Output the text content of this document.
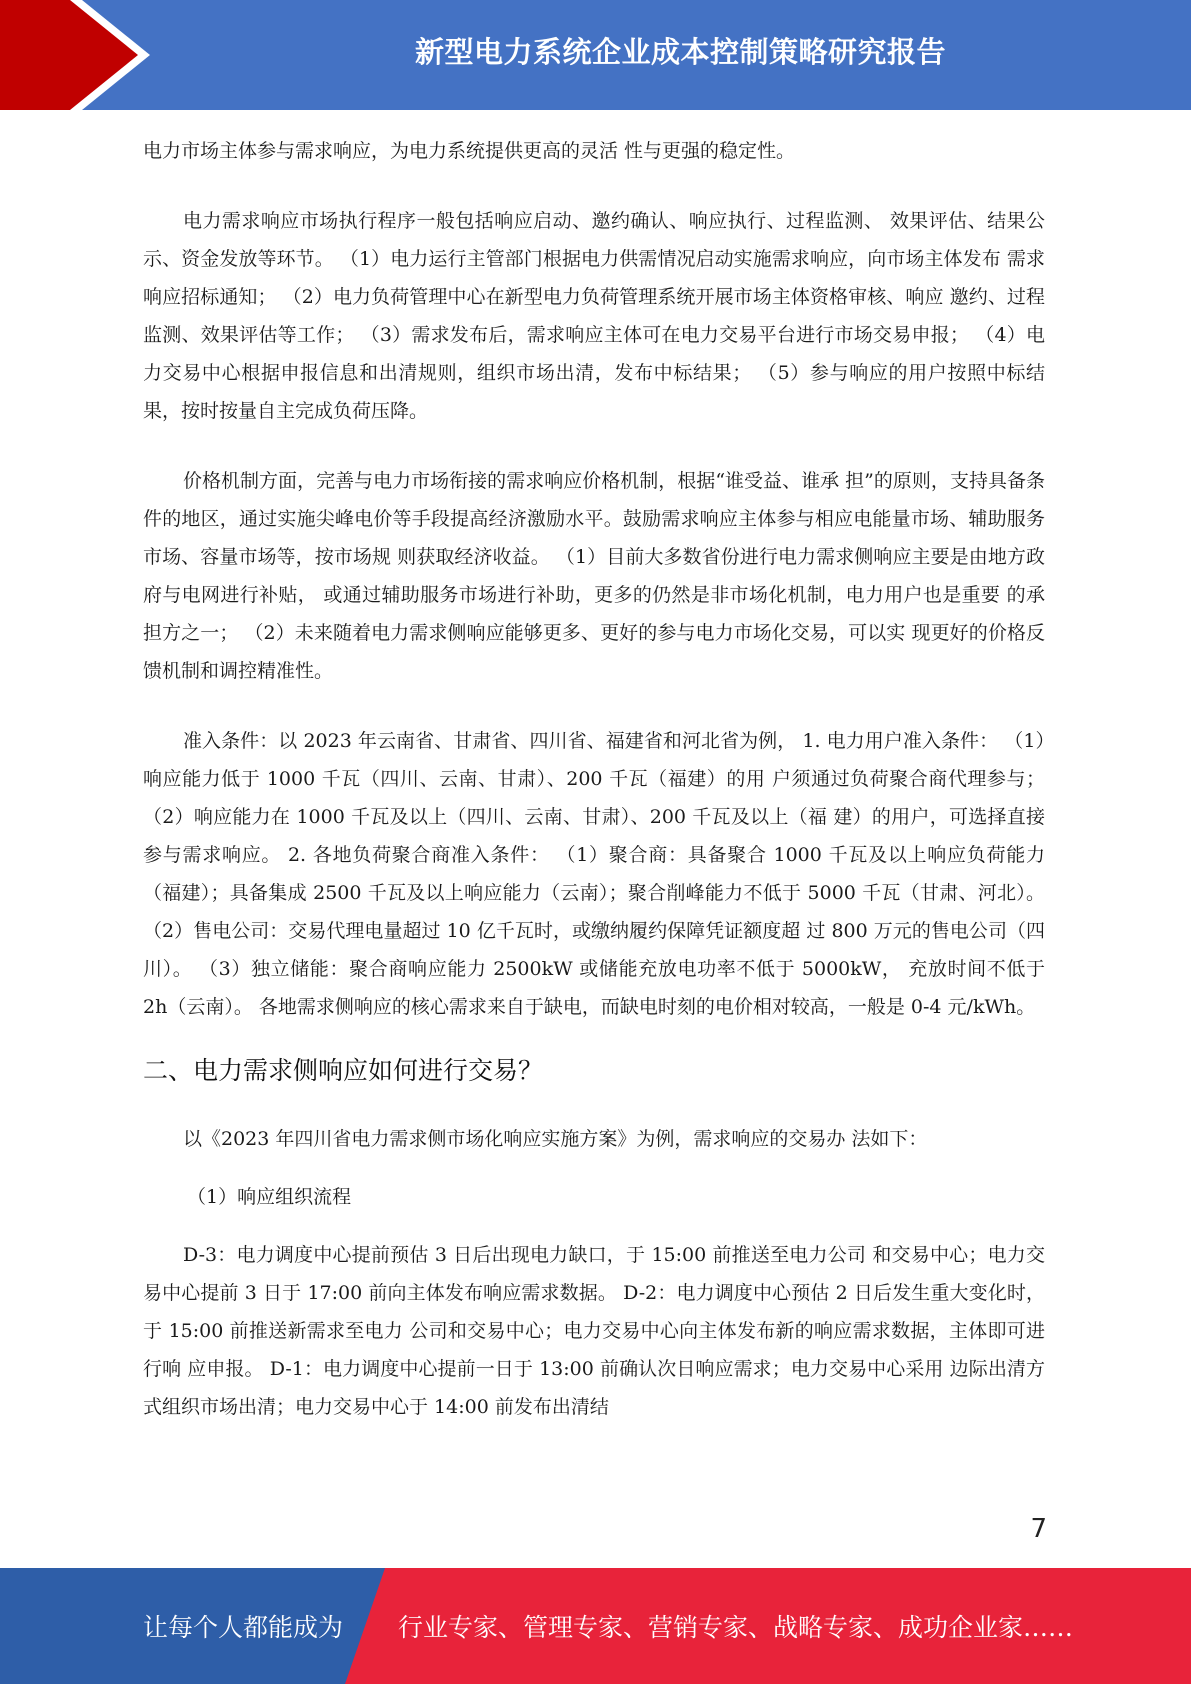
新型电力系统企业成本控制策略研究报告

电力市场主体参与需求响应，为电力系统提供更高的灵活 性与更强的稳定性。

电力需求响应市场执行程序一般包括响应启动、邀约确认、响应执行、过程监测、 效果评估、结果公示、资金发放等环节。 （1）电力运行主管部门根据电力供需情况启动实施需求响应，向市场主体发布 需求响应招标通知； （2）电力负荷管理中心在新型电力负荷管理系统开展市场主体资格审核、响应 邀约、过程监测、效果评估等工作； （3）需求发布后，需求响应主体可在电力交易平台进行市场交易申报； （4）电力交易中心根据申报信息和出清规则，组织市场出清，发布中标结果； （5）参与响应的用户按照中标结果，按时按量自主完成负荷压降。

价格机制方面，完善与电力市场衔接的需求响应价格机制，根据“谁受益、谁承 担”的原则，支持具备条件的地区，通过实施尖峰电价等手段提高经济激励水平。鼓励需求响应主体参与相应电能量市场、辅助服务市场、容量市场等，按市场规 则获取经济收益。 （1）目前大多数省份进行电力需求侧响应主要是由地方政府与电网进行补贴， 或通过辅助服务市场进行补助，更多的仍然是非市场化机制，电力用户也是重要 的承担方之一； （2）未来随着电力需求侧响应能够更多、更好的参与电力市场化交易，可以实 现更好的价格反馈机制和调控精准性。

准入条件：以 2023 年云南省、甘肃省、四川省、福建省和河北省为例， 1. 电力用户准入条件： （1）响应能力低于 1000 千瓦（四川、云南、甘肃）、200 千瓦（福建）的用 户须通过负荷聚合商代理参与； （2）响应能力在 1000 千瓦及以上（四川、云南、甘肃）、200 千瓦及以上（福 建）的用户，可选择直接参与需求响应。 2. 各地负荷聚合商准入条件： （1）聚合商：具备聚合 1000 千瓦及以上响应负荷能力（福建）；具备集成 2500 千瓦及以上响应能力（云南）；聚合削峰能力不低于 5000 千瓦（甘肃、河北）。 （2）售电公司：交易代理电量超过 10 亿千瓦时，或缴纳履约保障凭证额度超 过 800 万元的售电公司（四川）。 （3）独立储能：聚合商响应能力 2500kW 或储能充放电功率不低于 5000kW， 充放时间不低于 2h（云南）。 各地需求侧响应的核心需求来自于缺电，而缺电时刻的电价相对较高，一般是 0-4 元/kWh。

二、电力需求侧响应如何进行交易？

以《2023 年四川省电力需求侧市场化响应实施方案》为例，需求响应的交易办 法如下：

（1）响应组织流程

D-3：电力调度中心提前预估 3 日后出现电力缺口，于 15:00 前推送至电力公司 和交易中心；电力交易中心提前 3 日于 17:00 前向主体发布响应需求数据。 D-2：电力调度中心预估 2 日后发生重大变化时，于 15:00 前推送新需求至电力 公司和交易中心；电力交易中心向主体发布新的响应需求数据，主体即可进行响 应申报。 D-1：电力调度中心提前一日于 13:00 前确认次日响应需求；电力交易中心采用 边际出清方式组织市场出清；电力交易中心于 14:00 前发布出清结

7
让每个人都能成为 行业专家、管理专家、营销专家、战略专家、成功企业家……
